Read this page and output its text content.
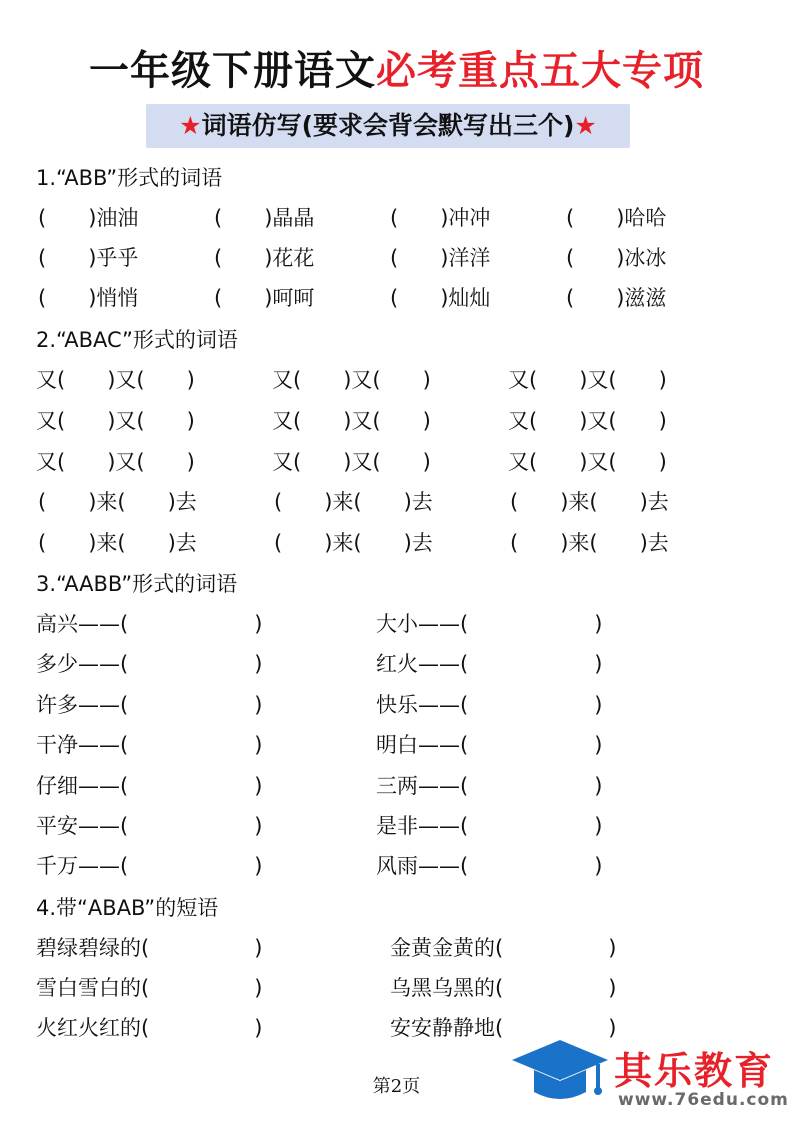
一年级下册语文必考重点五大专项
★词语仿写(要求会背会默写出三个)★
1.“ABB”形式的词语

(　　)油油

	(　　)晶晶

	(　　)冲冲

	(　　)哈哈

(　　)乎乎

	(　　)花花

	(　　)洋洋

	(　　)冰冰

(　　)悄悄

	(　　)呵呵

	(　　)灿灿

	(　　)滋滋

2.“ABAC”形式的词语

又(　　)又(　　)

	又(　　)又(　　)

	又(　　)又(　　)

又(　　)又(　　)

	又(　　)又(　　)

	又(　　)又(　　)

又(　　)又(　　)

	又(　　)又(　　)

	又(　　)又(　　)

(　　)来(　　)去

	(　　)来(　　)去

	(　　)来(　　)去

(　　)来(　　)去

	(　　)来(　　)去

	(　　)来(　　)去

3.“AABB”形式的词语

高兴——(　　　　　　)

	大小——(　　　　　　)

多少——(　　　　　　)

	红火——(　　　　　　)

许多——(　　　　　　)

	快乐——(　　　　　　)

干净——(　　　　　　)

	明白——(　　　　　　)

仔细——(　　　　　　)

	三两——(　　　　　　)

平安——(　　　　　　)

	是非——(　　　　　　)

千万——(　　　　　　)

	风雨——(　　　　　　)

4.带“ABAB”的短语

碧绿碧绿的(　　　　　)

	金黄金黄的(　　　　　)

雪白雪白的(　　　　　)

	乌黑乌黑的(　　　　　)

火红火红的(　　　　　)

	安安静静地(　　　　　)

第2页	其乐教育
www.76edu.com
